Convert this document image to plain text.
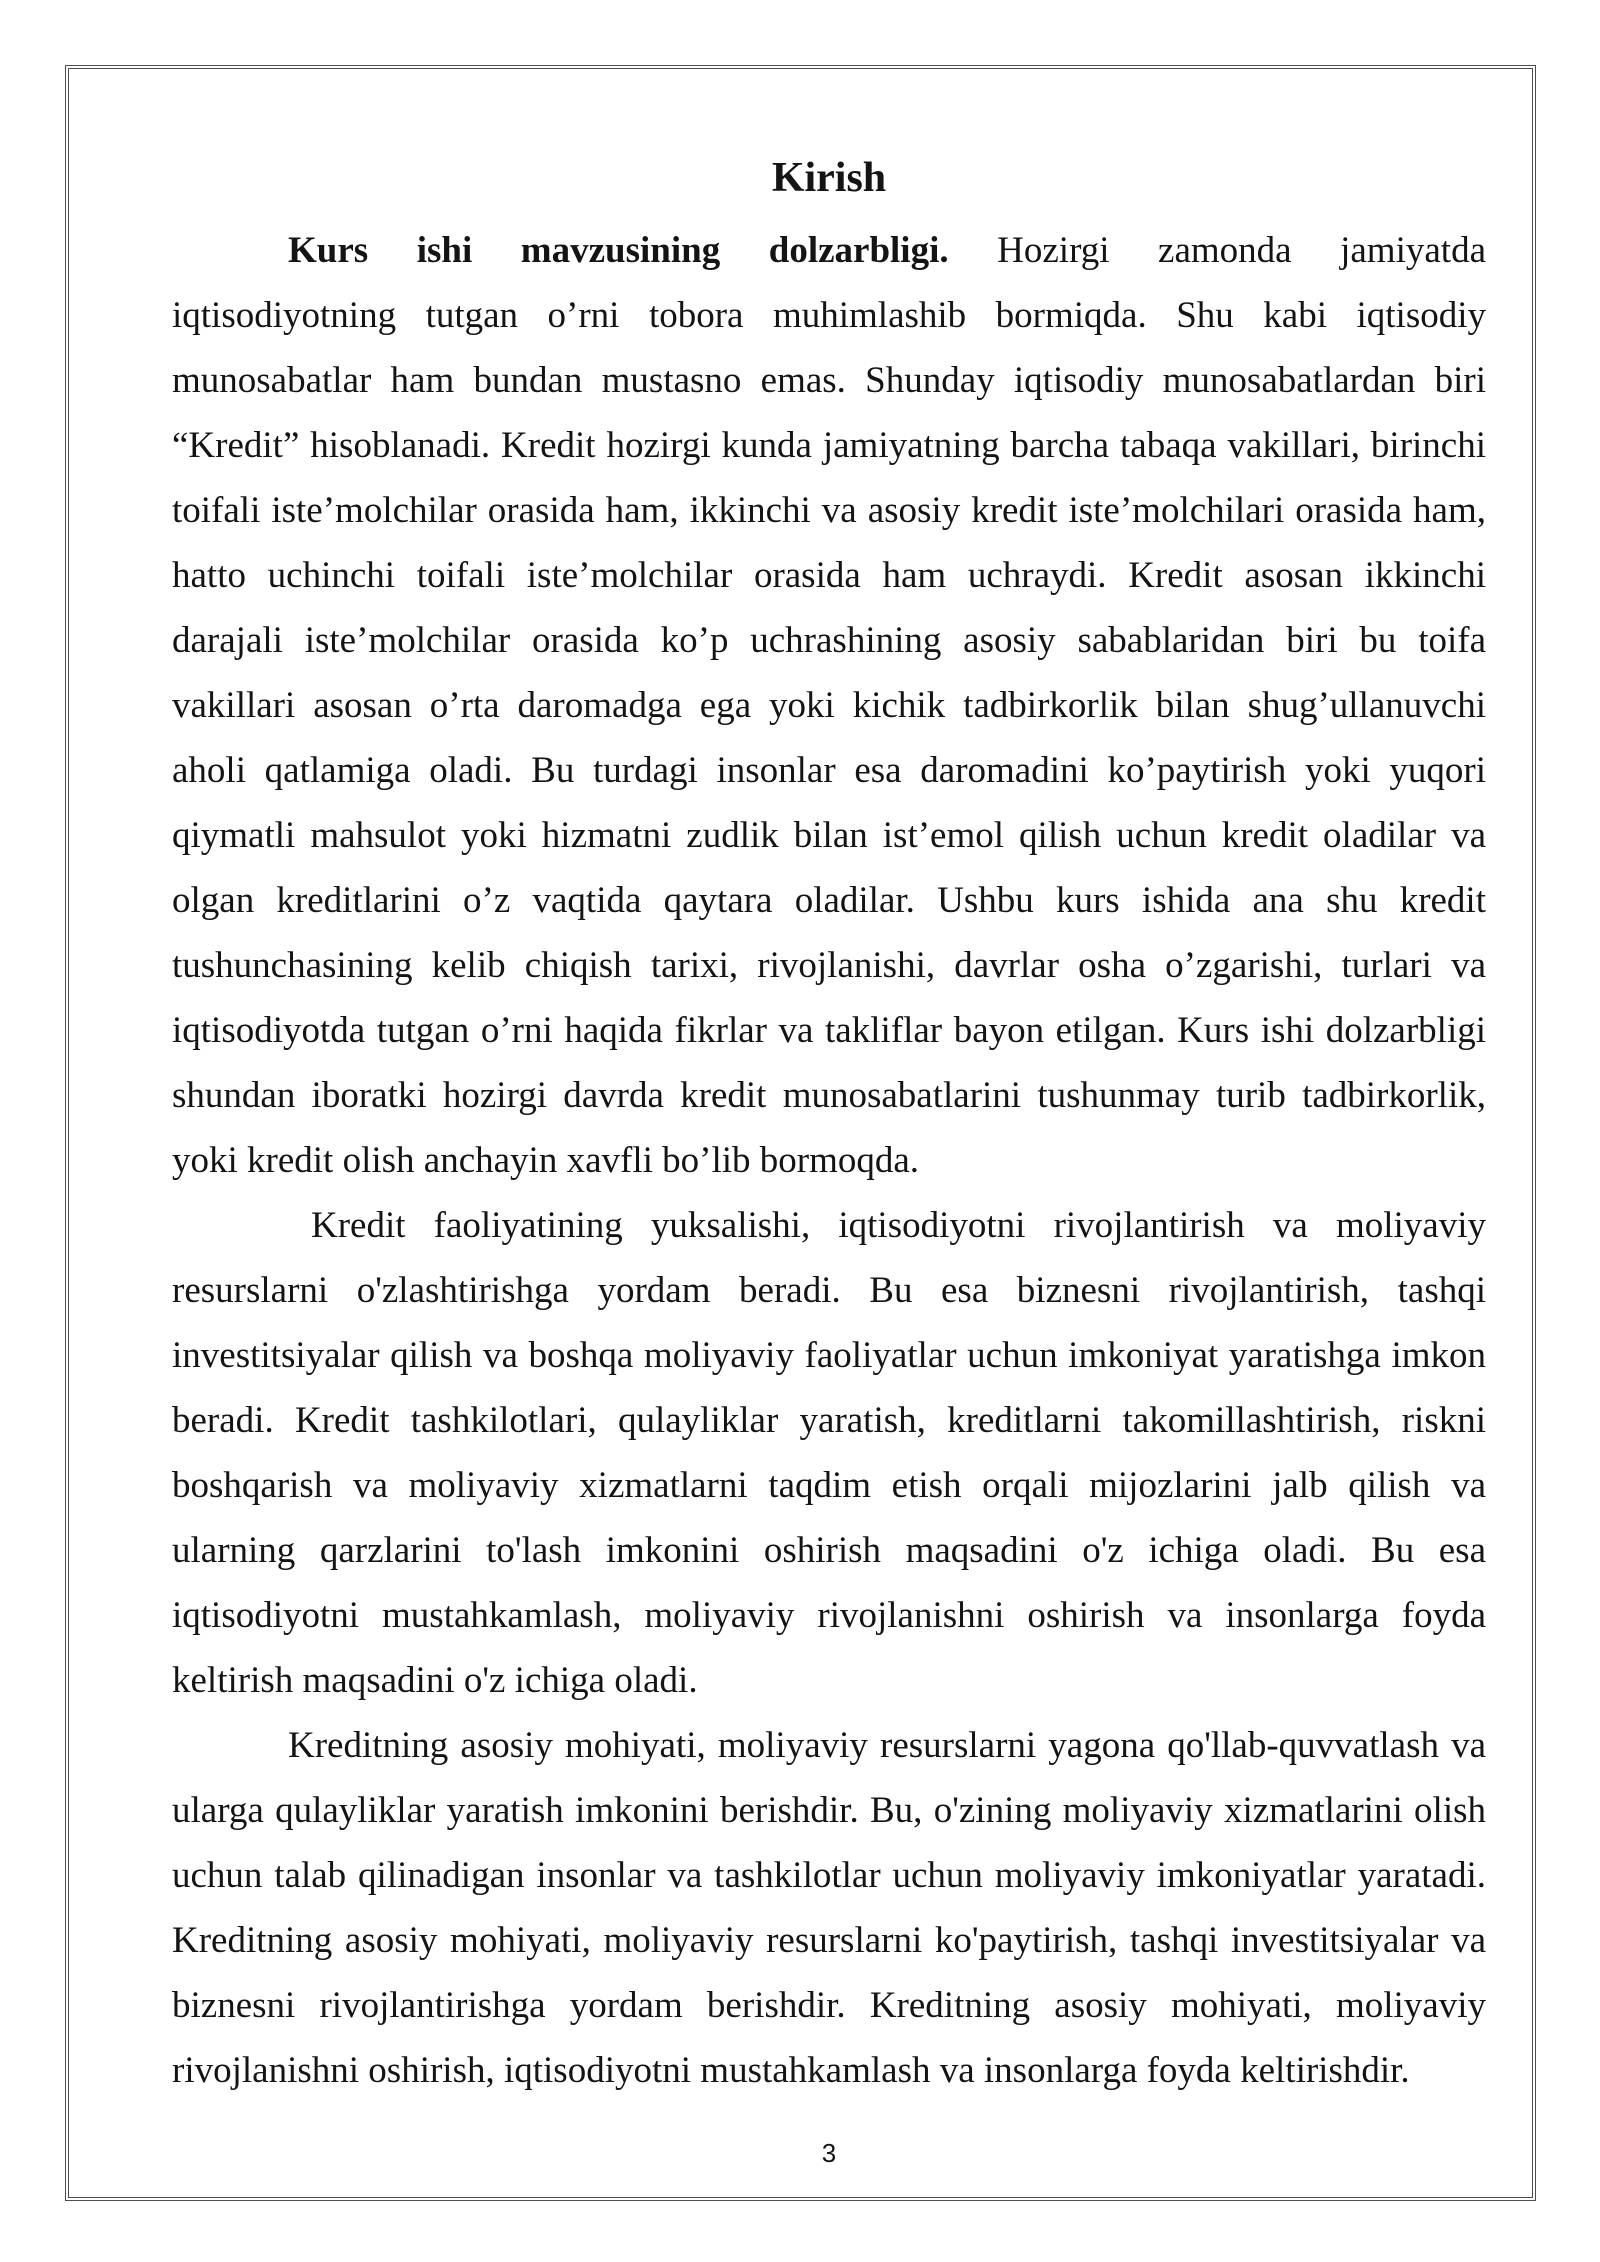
Kirish
Kurs ishi mavzusining dolzarbligi. Hozirgi zamonda jamiyatda
iqtisodiyotning tutgan o’rni tobora muhimlashib bormiqda. Shu kabi iqtisodiy
munosabatlar ham bundan mustasno emas. Shunday iqtisodiy munosabatlardan biri
“Kredit” hisoblanadi. Kredit hozirgi kunda jamiyatning barcha tabaqa vakillari, birinchi
toifali iste’molchilar orasida ham, ikkinchi va asosiy kredit iste’molchilari orasida ham,
hatto uchinchi toifali iste’molchilar orasida ham uchraydi. Kredit asosan ikkinchi
darajali iste’molchilar orasida ko’p uchrashining asosiy sabablaridan biri bu toifa
vakillari asosan o’rta daromadga ega yoki kichik tadbirkorlik bilan shug’ullanuvchi
aholi qatlamiga oladi. Bu turdagi insonlar esa daromadini ko’paytirish yoki yuqori
qiymatli mahsulot yoki hizmatni zudlik bilan ist’emol qilish uchun kredit oladilar va
olgan kreditlarini o’z vaqtida qaytara oladilar. Ushbu kurs ishida ana shu kredit
tushunchasining kelib chiqish tarixi, rivojlanishi, davrlar osha o’zgarishi, turlari va
iqtisodiyotda tutgan o’rni haqida fikrlar va takliflar bayon etilgan. Kurs ishi dolzarbligi
shundan iboratki hozirgi davrda kredit munosabatlarini tushunmay turib tadbirkorlik,
yoki kredit olish anchayin xavfli bo’lib bormoqda.
Kredit faoliyatining yuksalishi, iqtisodiyotni rivojlantirish va moliyaviy
resurslarni o'zlashtirishga yordam beradi. Bu esa biznesni rivojlantirish, tashqi
investitsiyalar qilish va boshqa moliyaviy faoliyatlar uchun imkoniyat yaratishga imkon
beradi. Kredit tashkilotlari, qulayliklar yaratish, kreditlarni takomillashtirish, riskni
boshqarish va moliyaviy xizmatlarni taqdim etish orqali mijozlarini jalb qilish va
ularning qarzlarini to'lash imkonini oshirish maqsadini o'z ichiga oladi. Bu esa
iqtisodiyotni mustahkamlash, moliyaviy rivojlanishni oshirish va insonlarga foyda
keltirish maqsadini o'z ichiga oladi.
Kreditning asosiy mohiyati, moliyaviy resurslarni yagona qo'llab-quvvatlash va
ularga qulayliklar yaratish imkonini berishdir. Bu, o'zining moliyaviy xizmatlarini olish
uchun talab qilinadigan insonlar va tashkilotlar uchun moliyaviy imkoniyatlar yaratadi.
Kreditning asosiy mohiyati, moliyaviy resurslarni ko'paytirish, tashqi investitsiyalar va
biznesni rivojlantirishga yordam berishdir. Kreditning asosiy mohiyati, moliyaviy
rivojlanishni oshirish, iqtisodiyotni mustahkamlash va insonlarga foyda keltirishdir.
3
